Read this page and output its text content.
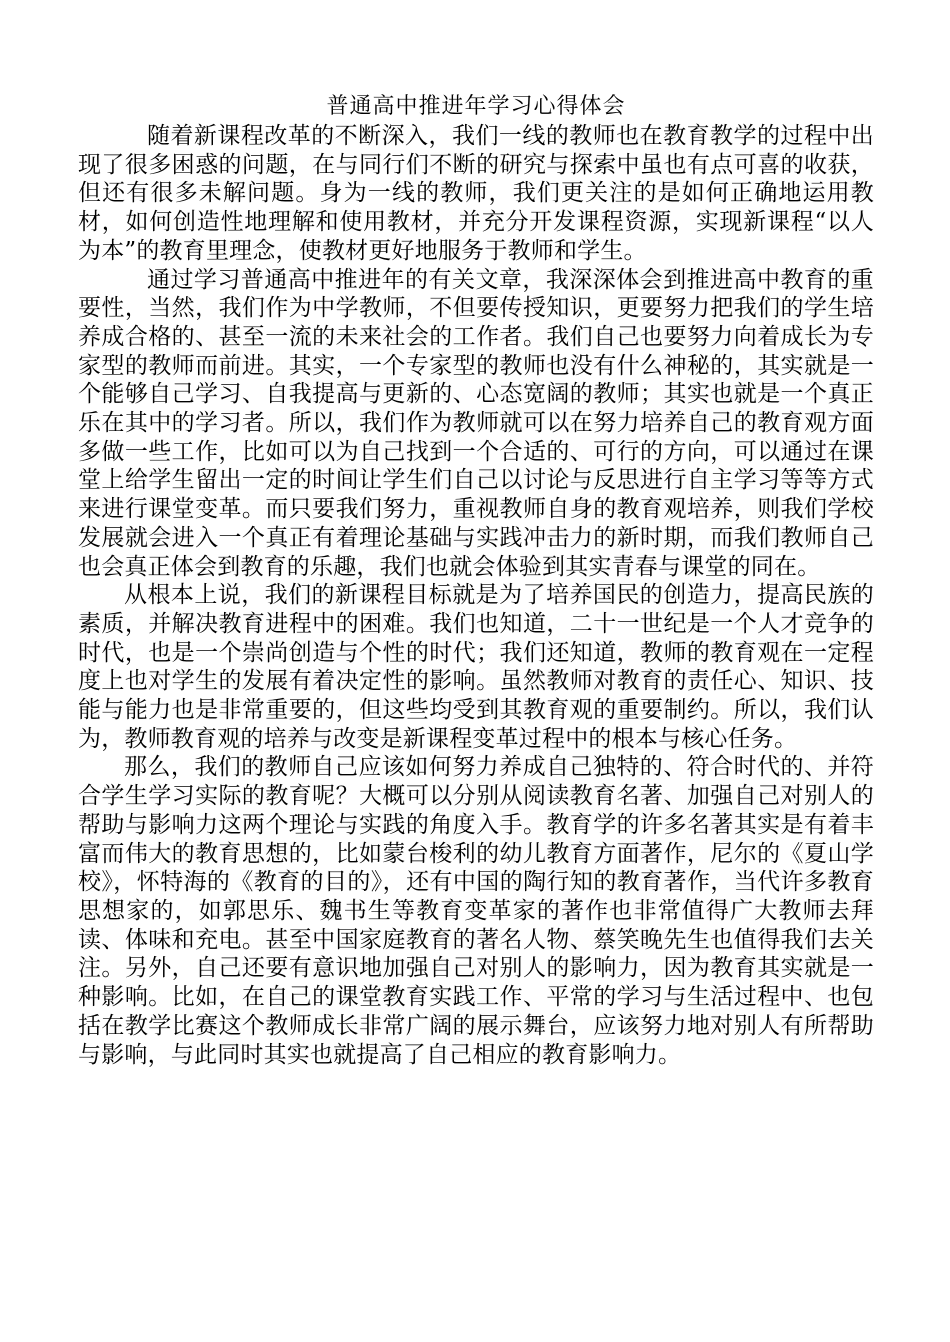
普通高中推进年学习心得体会

随着新课程改革的不断深入，我们一线的教师也在教育教学的过程中出现了很多困惑的问题，在与同行们不断的研究与探索中虽也有点可喜的收获，但还有很多未解问题。身为一线的教师，我们更关注的是如何正确地运用教材，如何创造性地理解和使用教材，并充分开发课程资源，实现新课程“以人为本”的教育里理念，使教材更好地服务于教师和学生。

通过学习普通高中推进年的有关文章，我深深体会到推进高中教育的重要性，当然，我们作为中学教师，不但要传授知识，更要努力把我们的学生培养成合格的、甚至一流的未来社会的工作者。我们自己也要努力向着成长为专家型的教师而前进。其实，一个专家型的教师也没有什么神秘的，其实就是一个能够自己学习、自我提高与更新的、心态宽阔的教师；其实也就是一个真正乐在其中的学习者。所以，我们作为教师就可以在努力培养自己的教育观方面多做一些工作，比如可以为自己找到一个合适的、可行的方向，可以通过在课堂上给学生留出一定的时间让学生们自己以讨论与反思进行自主学习等等方式来进行课堂变革。而只要我们努力，重视教师自身的教育观培养，则我们学校发展就会进入一个真正有着理论基础与实践冲击力的新时期，而我们教师自己也会真正体会到教育的乐趣，我们也就会体验到其实青春与课堂的同在。

从根本上说，我们的新课程目标就是为了培养国民的创造力，提高民族的素质，并解决教育进程中的困难。我们也知道，二十一世纪是一个人才竞争的时代，也是一个崇尚创造与个性的时代；我们还知道，教师的教育观在一定程度上也对学生的发展有着决定性的影响。虽然教师对教育的责任心、知识、技能与能力也是非常重要的，但这些均受到其教育观的重要制约。所以，我们认为，教师教育观的培养与改变是新课程变革过程中的根本与核心任务。

那么，我们的教师自己应该如何努力养成自己独特的、符合时代的、并符合学生学习实际的教育呢？大概可以分别从阅读教育名著、加强自己对别人的帮助与影响力这两个理论与实践的角度入手。教育学的许多名著其实是有着丰富而伟大的教育思想的，比如蒙台梭利的幼儿教育方面著作，尼尔的《夏山学校》，怀特海的《教育的目的》，还有中国的陶行知的教育著作，当代许多教育思想家的，如郭思乐、魏书生等教育变革家的著作也非常值得广大教师去拜读、体味和充电。甚至中国家庭教育的著名人物、蔡笑晚先生也值得我们去关注。另外，自己还要有意识地加强自己对别人的影响力，因为教育其实就是一种影响。比如，在自己的课堂教育实践工作、平常的学习与生活过程中、也包括在教学比赛这个教师成长非常广阔的展示舞台，应该努力地对别人有所帮助与影响，与此同时其实也就提高了自己相应的教育影响力。
